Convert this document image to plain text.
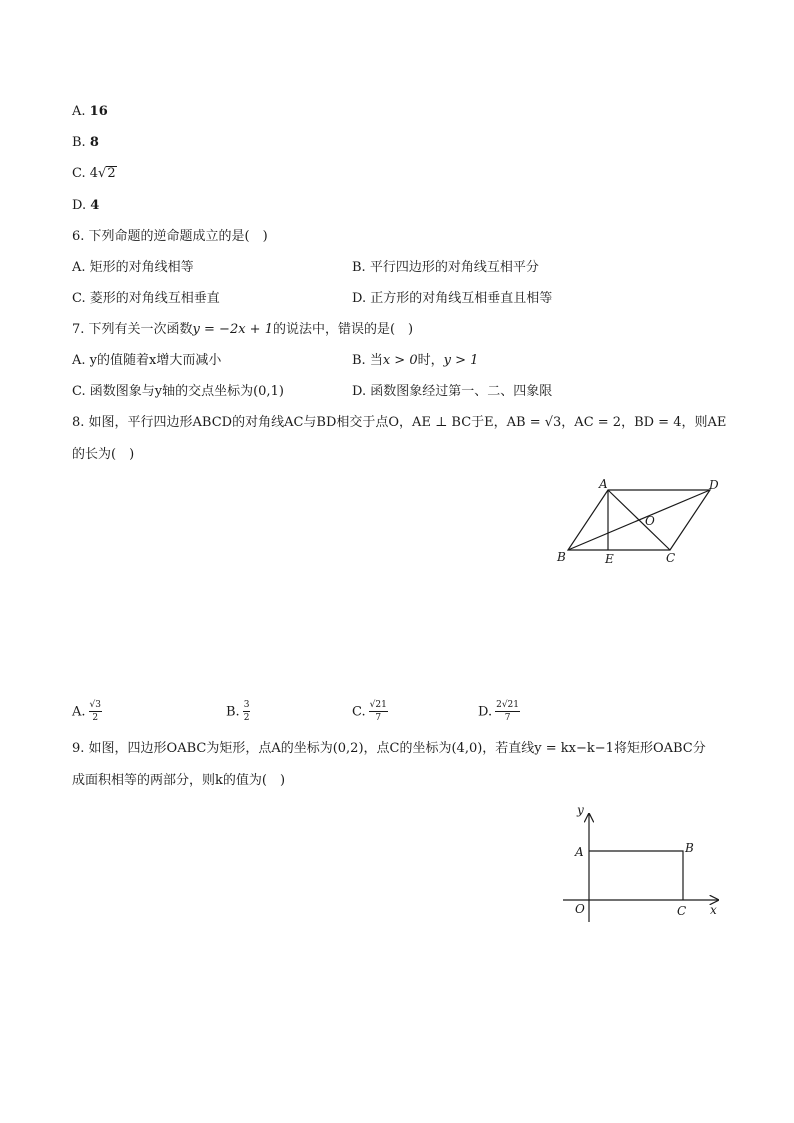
A. 16
B. 8
C. 4√2
D. 4
6. 下列命题的逆命题成立的是(　)
A. 矩形的对角线相等	B. 平行四边形的对角线互相平分
C. 菱形的对角线互相垂直	D. 正方形的对角线互相垂直且相等
7. 下列有关一次函数y = −2x + 1的说法中，错误的是(　)
A. y的值随着x增大而减小	B. 当x > 0时，y > 1
C. 函数图象与y轴的交点坐标为(0,1)	D. 函数图象经过第一、二、四象限
8. 如图，平行四边形ABCD的对角线AC与BD相交于点O，AE ⊥ BC于E，AB = √3，AC = 2，BD = 4，则AE
的长为(　)
A	D
O
B	E	C
A. $\frac{√3}{2}$	B. $\frac{3}{2}$	C. $\frac{√21}{7}$	D. $\frac{2√21}{7}$
9. 如图，四边形OABC为矩形，点A的坐标为(0,2)，点C的坐标为(4,0)，若直线y = kx−k−1将矩形OABC分
成面积相等的两部分，则k的值为(　)
y
x
A	B
O	C
